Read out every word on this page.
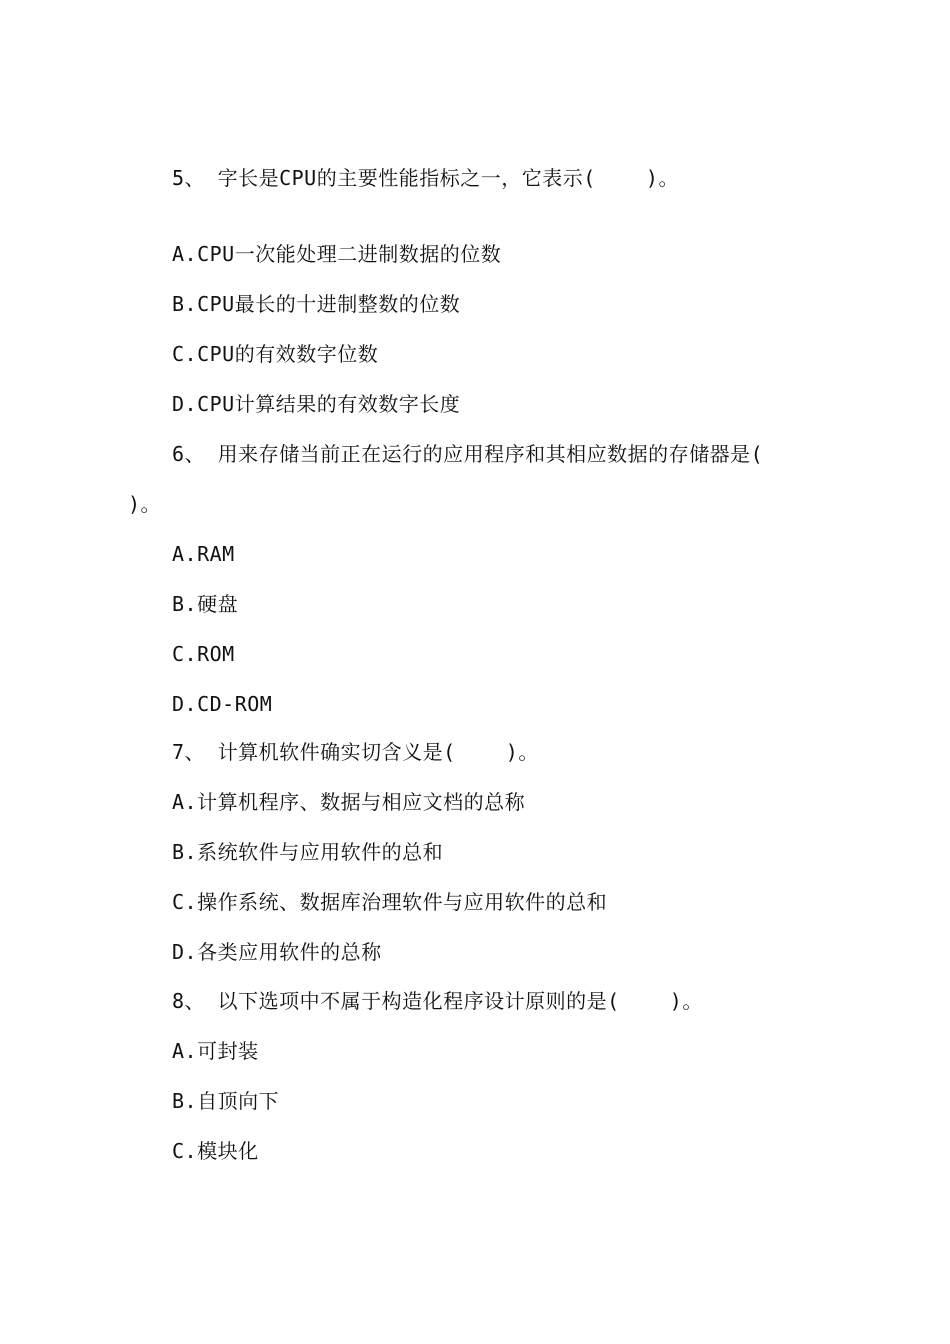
5、 字长是CPU的主要性能指标之一，它表示(    )。
A.CPU一次能处理二进制数据的位数
B.CPU最长的十进制整数的位数
C.CPU的有效数字位数
D.CPU计算结果的有效数字长度
6、 用来存储当前正在运行的应用程序和其相应数据的存储器是(
)。
A.RAM
B.硬盘
C.ROM
D.CD-ROM
7、 计算机软件确实切含义是(    )。
A.计算机程序、数据与相应文档的总称
B.系统软件与应用软件的总和
C.操作系统、数据库治理软件与应用软件的总和
D.各类应用软件的总称
8、 以下选项中不属于构造化程序设计原则的是(    )。
A.可封装
B.自顶向下
C.模块化
